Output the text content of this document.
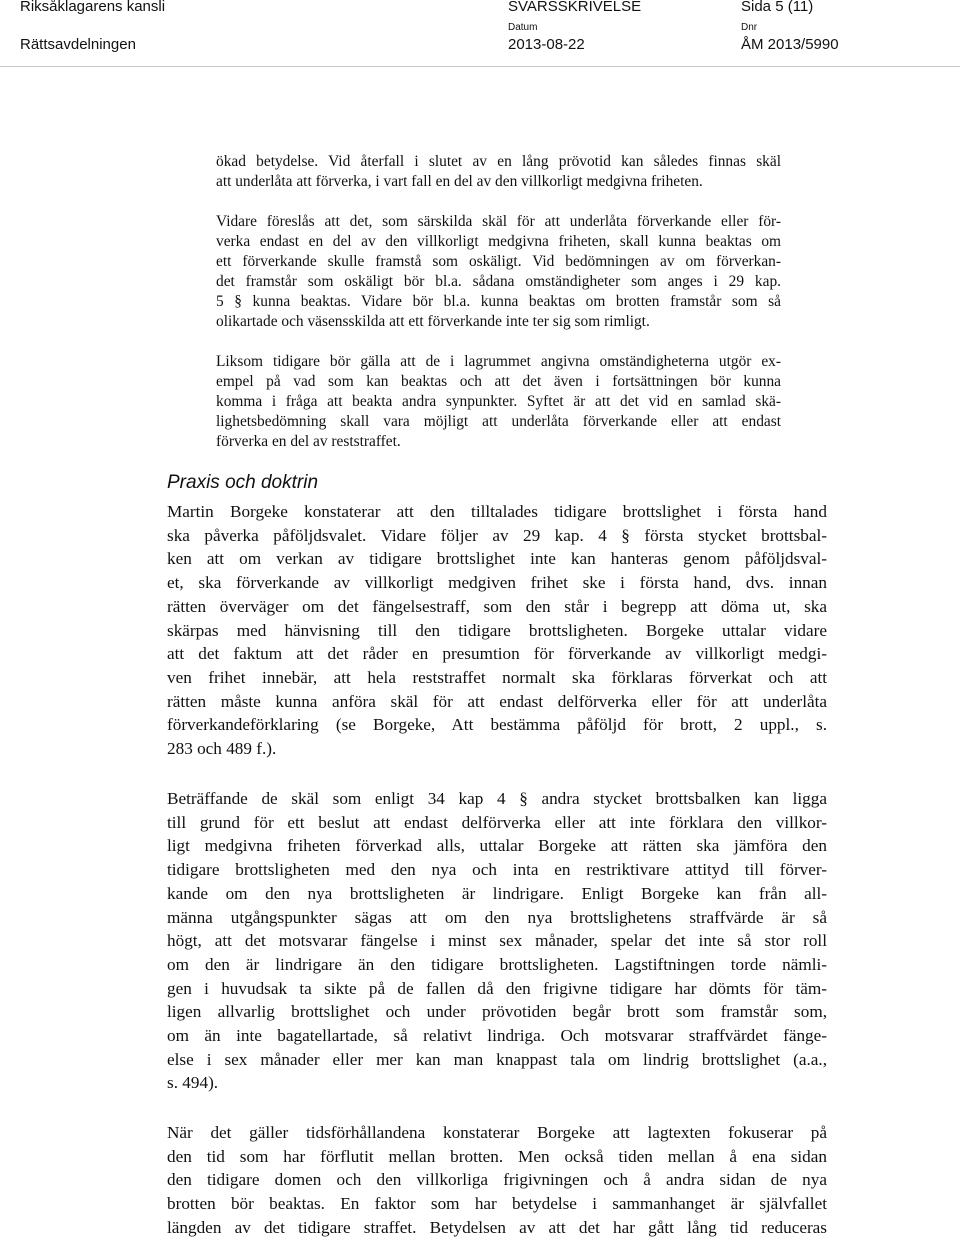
Riksåklagarens kansli
Rättsavdelningen
SVARSSKRIVELSE	Sida 5 (11)
Datum	Dnr
2013-08-22	ÅM 2013/5990
ökad betydelse. Vid återfall i slutet av en lång prövotid kan således finnas skäl
att underlåta att förverka, i vart fall en del av den villkorligt medgivna friheten.
Vidare föreslås att det, som särskilda skäl för att underlåta förverkande eller för-
verka endast en del av den villkorligt medgivna friheten, skall kunna beaktas om
ett förverkande skulle framstå som oskäligt. Vid bedömningen av om förverkan-
det framstår som oskäligt bör bl.a. sådana omständigheter som anges i 29 kap.
5 § kunna beaktas. Vidare bör bl.a. kunna beaktas om brotten framstår som så
olikartade och väsensskilda att ett förverkande inte ter sig som rimligt.
Liksom tidigare bör gälla att de i lagrummet angivna omständigheterna utgör ex-
empel på vad som kan beaktas och att det även i fortsättningen bör kunna
komma i fråga att beakta andra synpunkter. Syftet är att det vid en samlad skä-
lighetsbedömning skall vara möjligt att underlåta förverkande eller att endast
förverka en del av reststraffet.
Praxis och doktrin
Martin Borgeke konstaterar att den tilltalades tidigare brottslighet i första hand
ska påverka påföljdsvalet. Vidare följer av 29 kap. 4 § första stycket brottsbal-
ken att om verkan av tidigare brottslighet inte kan hanteras genom påföljdsval-
et, ska förverkande av villkorligt medgiven frihet ske i första hand, dvs. innan
rätten överväger om det fängelsestraff, som den står i begrepp att döma ut, ska
skärpas med hänvisning till den tidigare brottsligheten. Borgeke uttalar vidare
att det faktum att det råder en presumtion för förverkande av villkorligt medgi-
ven frihet innebär, att hela reststraffet normalt ska förklaras förverkat och att
rätten måste kunna anföra skäl för att endast delförverka eller för att underlåta
förverkandeförklaring (se Borgeke, Att bestämma påföljd för brott, 2 uppl., s.
283 och 489 f.).
Beträffande de skäl som enligt 34 kap 4 § andra stycket brottsbalken kan ligga
till grund för ett beslut att endast delförverka eller att inte förklara den villkor-
ligt medgivna friheten förverkad alls, uttalar Borgeke att rätten ska jämföra den
tidigare brottsligheten med den nya och inta en restriktivare attityd till förver-
kande om den nya brottsligheten är lindrigare. Enligt Borgeke kan från all-
männa utgångspunkter sägas att om den nya brottslighetens straffvärde är så
högt, att det motsvarar fängelse i minst sex månader, spelar det inte så stor roll
om den är lindrigare än den tidigare brottsligheten. Lagstiftningen torde nämli-
gen i huvudsak ta sikte på de fallen då den frigivne tidigare har dömts för täm-
ligen allvarlig brottslighet och under prövotiden begår brott som framstår som,
om än inte bagatellartade, så relativt lindriga. Och motsvarar straffvärdet fänge-
else i sex månader eller mer kan man knappast tala om lindrig brottslighet (a.a.,
s. 494).
När det gäller tidsförhållandena konstaterar Borgeke att lagtexten fokuserar på
den tid som har förflutit mellan brotten. Men också tiden mellan å ena sidan
den tidigare domen och den villkorliga frigivningen och å andra sidan de nya
brotten bör beaktas. En faktor som har betydelse i sammanhanget är självfallet
längden av det tidigare straffet. Betydelsen av att det har gått lång tid reduceras
